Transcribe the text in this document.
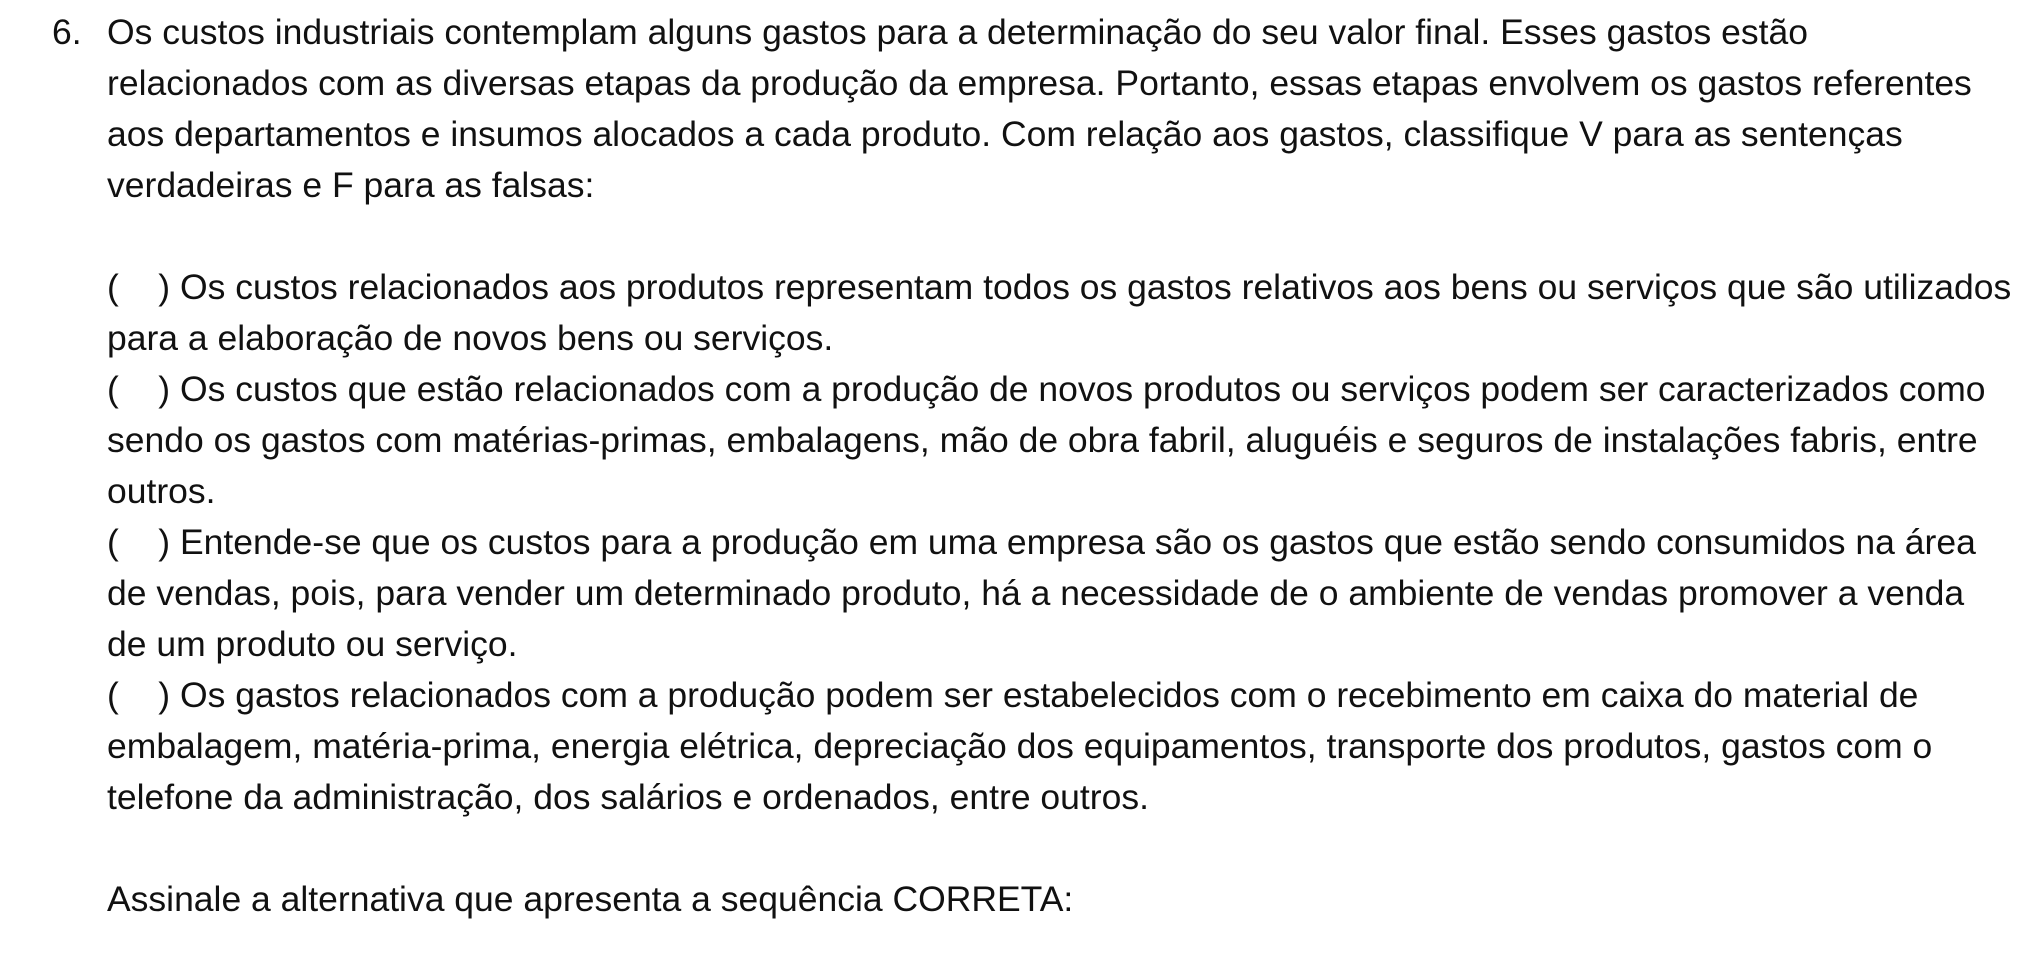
6. Os custos industriais contemplam alguns gastos para a determinação do seu valor final. Esses gastos estão relacionados com as diversas etapas da produção da empresa. Portanto, essas etapas envolvem os gastos referentes aos departamentos e insumos alocados a cada produto. Com relação aos gastos, classifique V para as sentenças verdadeiras e F para as falsas:

(    ) Os custos relacionados aos produtos representam todos os gastos relativos aos bens ou serviços que são utilizados para a elaboração de novos bens ou serviços.

(    ) Os custos que estão relacionados com a produção de novos produtos ou serviços podem ser caracterizados como sendo os gastos com matérias-primas, embalagens, mão de obra fabril, aluguéis e seguros de instalações fabris, entre outros.

(    ) Entende-se que os custos para a produção em uma empresa são os gastos que estão sendo consumidos na área de vendas, pois, para vender um determinado produto, há a necessidade de o ambiente de vendas promover a venda de um produto ou serviço.

(    ) Os gastos relacionados com a produção podem ser estabelecidos com o recebimento em caixa do material de embalagem, matéria-prima, energia elétrica, depreciação dos equipamentos, transporte dos produtos, gastos com o telefone da administração, dos salários e ordenados, entre outros.

Assinale a alternativa que apresenta a sequência CORRETA:
